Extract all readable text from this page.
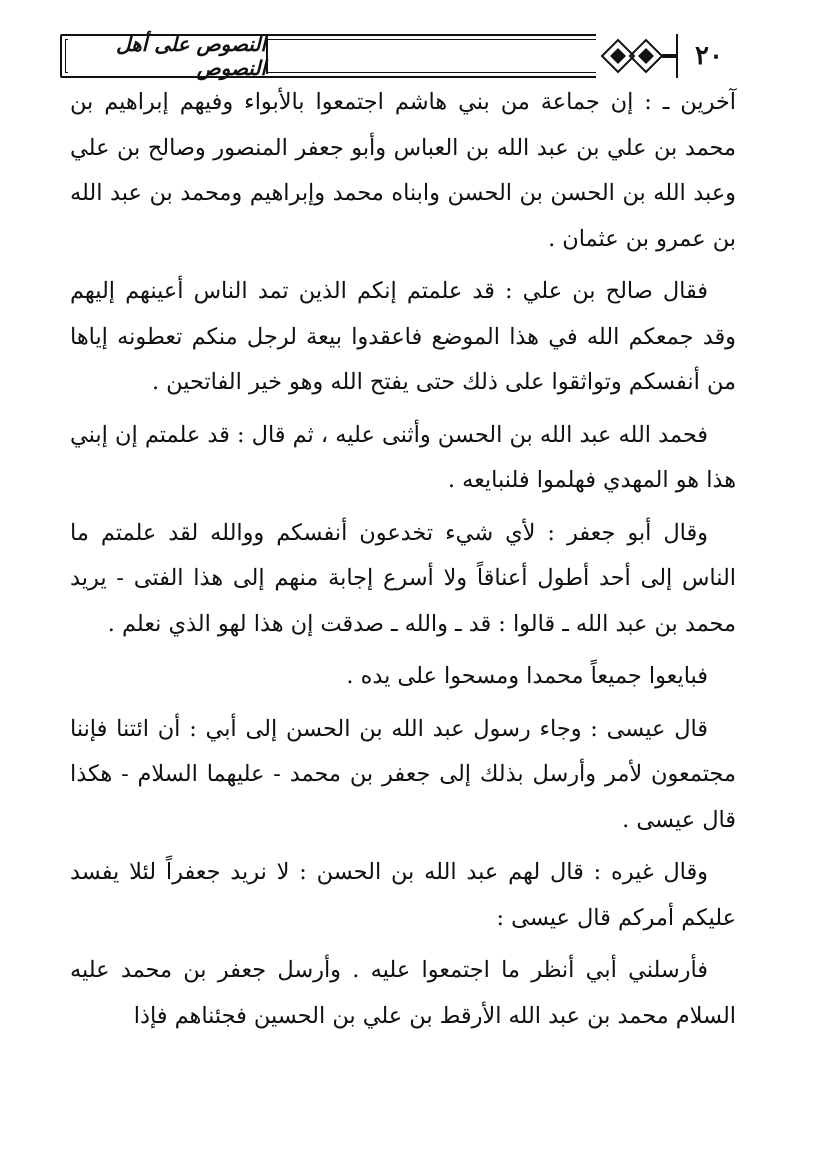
النصوص على أهل النصوص	٢٠

آخرين ـ : إن جماعة من بني هاشم اجتمعوا بالأبواء وفيهم إبراهيم بن محمد بن علي بن عبد الله بن العباس وأبو جعفر المنصور وصالح بن علي وعبد الله بن الحسن بن الحسن وابناه محمد وإبراهيم ومحمد بن عبد الله بن عمرو بن عثمان .

فقال صالح بن علي : قد علمتم إنكم الذين تمد الناس أعينهم إليهم وقد جمعكم الله في هذا الموضع فاعقدوا بيعة لرجل منكم تعطونه إياها من أنفسكم وتواثقوا على ذلك حتى يفتح الله وهو خير الفاتحين .

فحمد الله عبد الله بن الحسن وأثنى عليه ، ثم قال : قد علمتم إن إبني هذا هو المهدي فهلموا فلنبايعه .

وقال أبو جعفر : لأي شيء تخدعون أنفسكم ووالله لقد علمتم ما الناس إلى أحد أطول أعناقاً ولا أسرع إجابة منهم إلى هذا الفتى - يريد محمد بن عبد الله ـ قالوا : قد ـ والله ـ صدقت إن هذا لهو الذي نعلم .

فبايعوا جميعاً محمدا ومسحوا على يده .

قال عيسى : وجاء رسول عبد الله بن الحسن إلى أبي : أن ائتنا فإننا مجتمعون لأمر وأرسل بذلك إلى جعفر بن محمد - عليهما السلام - هكذا قال عيسى .

وقال غيره : قال لهم عبد الله بن الحسن : لا نريد جعفراً لئلا يفسد عليكم أمركم قال عيسى :

فأرسلني أبي أنظر ما اجتمعوا عليه . وأرسل جعفر بن محمد عليه السلام محمد بن عبد الله الأرقط بن علي بن الحسين فجئناهم فإذا
